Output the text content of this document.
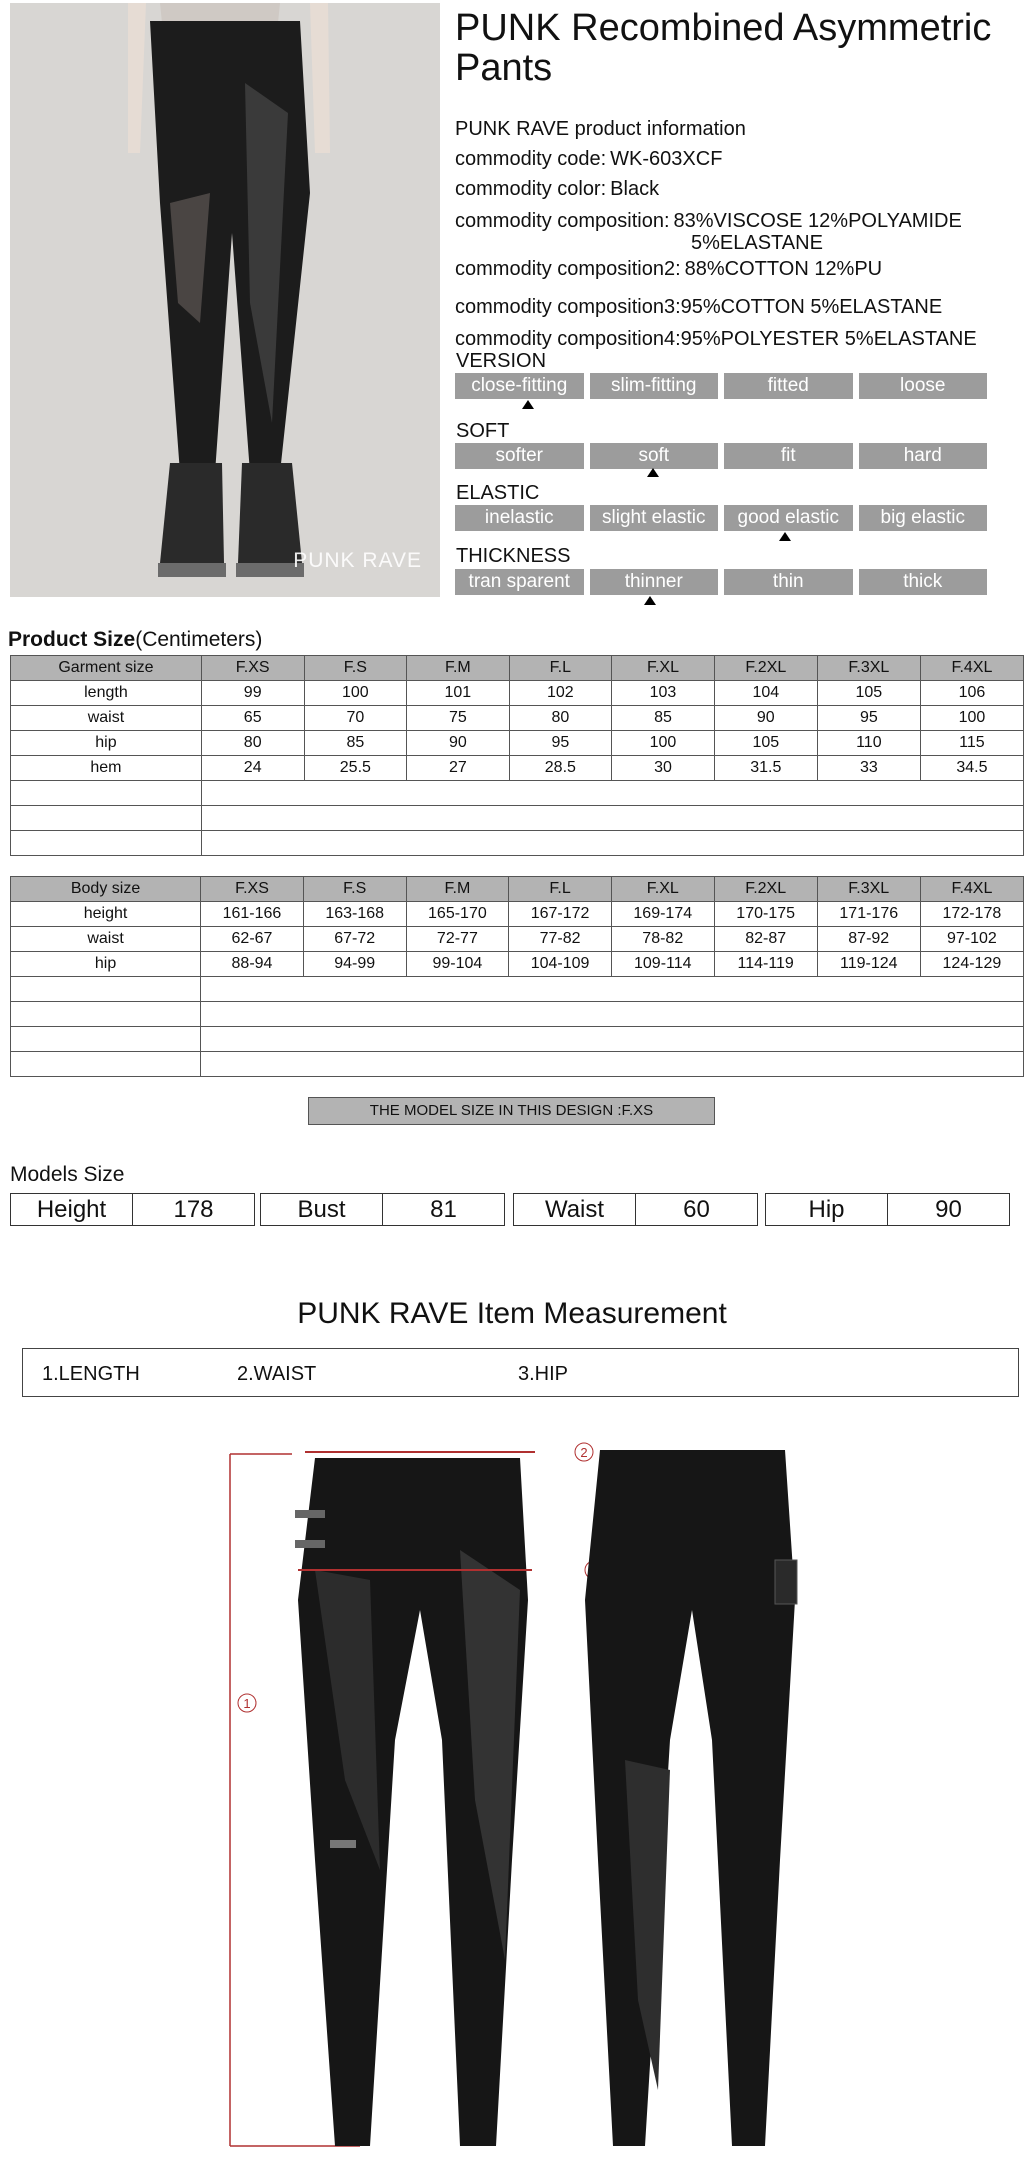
PUNK RAVE
PUNK Recombined Asymmetric Pants
PUNK RAVE product information
commodity code: WK-603XCF
commodity color: Black
commodity composition: 83%VISCOSE 12%POLYAMIDE
5%ELASTANE
commodity composition2: 88%COTTON 12%PU
commodity composition3:95%COTTON 5%ELASTANE
commodity composition4:95%POLYESTER 5%ELASTANE
VERSION
close-fitting	slim-fitting	fitted	loose
SOFT
softer	soft	fit	hard
ELASTIC
inelastic	slight elastic	good elastic	big elastic
THICKNESS
tran sparent	thinner	thin	thick
Product Size(Centimeters)
Garment size	F.XS	F.S	F.M	F.L	F.XL	F.2XL	F.3XL	F.4XL
length	99	100	101	102	103	104	105	106
waist	65	70	75	80	85	90	95	100
hip	80	85	90	95	100	105	110	115
hem	24	25.5	27	28.5	30	31.5	33	34.5

Body size	F.XS	F.S	F.M	F.L	F.XL	F.2XL	F.3XL	F.4XL
height	161-166	163-168	165-170	167-172	169-174	170-175	171-176	172-178
waist	62-67	67-72	72-77	77-82	78-82	82-87	87-92	97-102
hip	88-94	94-99	99-104	104-109	109-114	114-119	119-124	124-129

THE MODEL SIZE IN THIS DESIGN :F.XS
Models Size
Height	178	Bust	81	Waist	60	Hip	90
PUNK RAVE Item Measurement
1.LENGTH	2.WAIST	3.HIP
1
2
